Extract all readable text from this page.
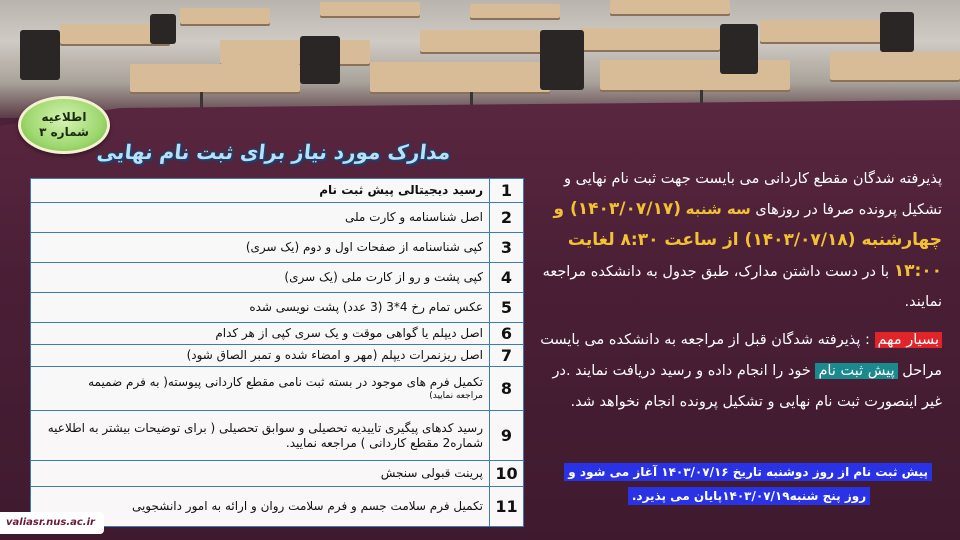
اطلاعیه
شماره ۳
مدارک مورد نیاز برای ثبت نام نهایی
1	رسید دیجیتالی پیش ثبت نام
2	اصل شناسنامه و کارت ملی
3	کپی شناسنامه از صفحات اول و دوم (یک سری)
4	کپی پشت و رو از کارت ملی (یک سری)
5	عکس تمام رخ 4*3 (3 عدد) پشت نویسی شده
6	اصل دیپلم یا گواهی موقت و یک سری کپی از هر کدام
7	اصل ریزنمرات دیپلم (مهر و امضاء شده و تمبر الصاق شود)
8	تکمیل فرم های موجود در بسته ثبت نامی مقطع کاردانی پیوسته( به فرم ضمیمه
مراجعه نمایید)

9	رسید کدهای پیگیری تاییدیه تحصیلی و سوابق تحصیلی ( برای توضیحات بیشتر به اطلاعیه شماره2 مقطع کاردانی ) مراجعه نمایید.
10	پرینت قبولی سنجش
11	تکمیل فرم سلامت جسم و فرم سلامت روان و ارائه به امور دانشجویی

پذیرفته شدگان مقطع کاردانی می بایست جهت ثبت نام نهایی و تشکیل پرونده صرفا در روزهای سه شنبه (۱۴۰۳/۰۷/۱۷) و چهارشنبه (۱۴۰۳/۰۷/۱۸) از ساعت ۸:۳۰ لغایت ۱۳:۰۰ با در دست داشتن مدارک، طبق جدول به دانشکده مراجعه نمایند.

بسیار مهم : پذیرفته شدگان قبل از مراجعه به دانشکده می بایست مراحل پیش ثبت نام خود را انجام داده و رسید دریافت نمایند .در غیر اینصورت ثبت نام نهایی و تشکیل پرونده انجام نخواهد شد.

پیش ثبت نام از روز دوشنبه تاریخ ۱۴۰۳/۰۷/۱۶ آغاز می شود و روز پنج شنبه۱۴۰۳/۰۷/۱۹پایان می پذیرد.
valiasr.nus.ac.ir
